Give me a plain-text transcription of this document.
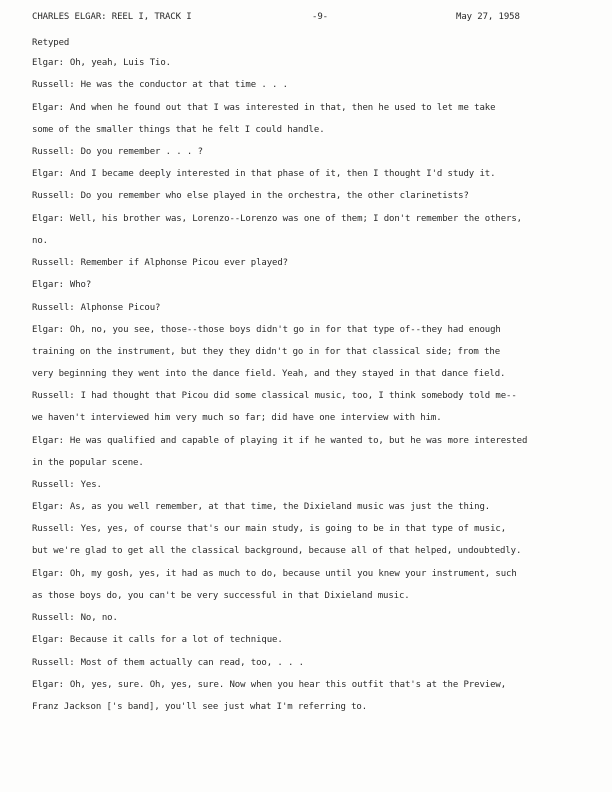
CHARLES ELGAR: REEL I, TRACK I	-9-	May 27, 1958
Retyped
Elgar: Oh, yeah, Luis Tio.
Russell: He was the conductor at that time . . .
Elgar: And when he found out that I was interested in that, then he used to let me take
some of the smaller things that he felt I could handle.
Russell: Do you remember . . . ?
Elgar: And I became deeply interested in that phase of it, then I thought I'd study it.
Russell: Do you remember who else played in the orchestra, the other clarinetists?
Elgar: Well, his brother was, Lorenzo--Lorenzo was one of them; I don't remember the others,
no.
Russell: Remember if Alphonse Picou ever played?
Elgar: Who?
Russell: Alphonse Picou?
Elgar: Oh, no, you see, those--those boys didn't go in for that type of--they had enough
training on the instrument, but they they didn't go in for that classical side; from the
very beginning they went into the dance field. Yeah, and they stayed in that dance field.
Russell: I had thought that Picou did some classical music, too, I think somebody told me--
we haven't interviewed him very much so far; did have one interview with him.
Elgar: He was qualified and capable of playing it if he wanted to, but he was more interested
in the popular scene.
Russell: Yes.
Elgar: As, as you well remember, at that time, the Dixieland music was just the thing.
Russell: Yes, yes, of course that's our main study, is going to be in that type of music,
but we're glad to get all the classical background, because all of that helped, undoubtedly.
Elgar: Oh, my gosh, yes, it had as much to do, because until you knew your instrument, such
as those boys do, you can't be very successful in that Dixieland music.
Russell: No, no.
Elgar: Because it calls for a lot of technique.
Russell: Most of them actually can read, too, . . .
Elgar: Oh, yes, sure. Oh, yes, sure. Now when you hear this outfit that's at the Preview,
Franz Jackson ['s band], you'll see just what I'm referring to.
